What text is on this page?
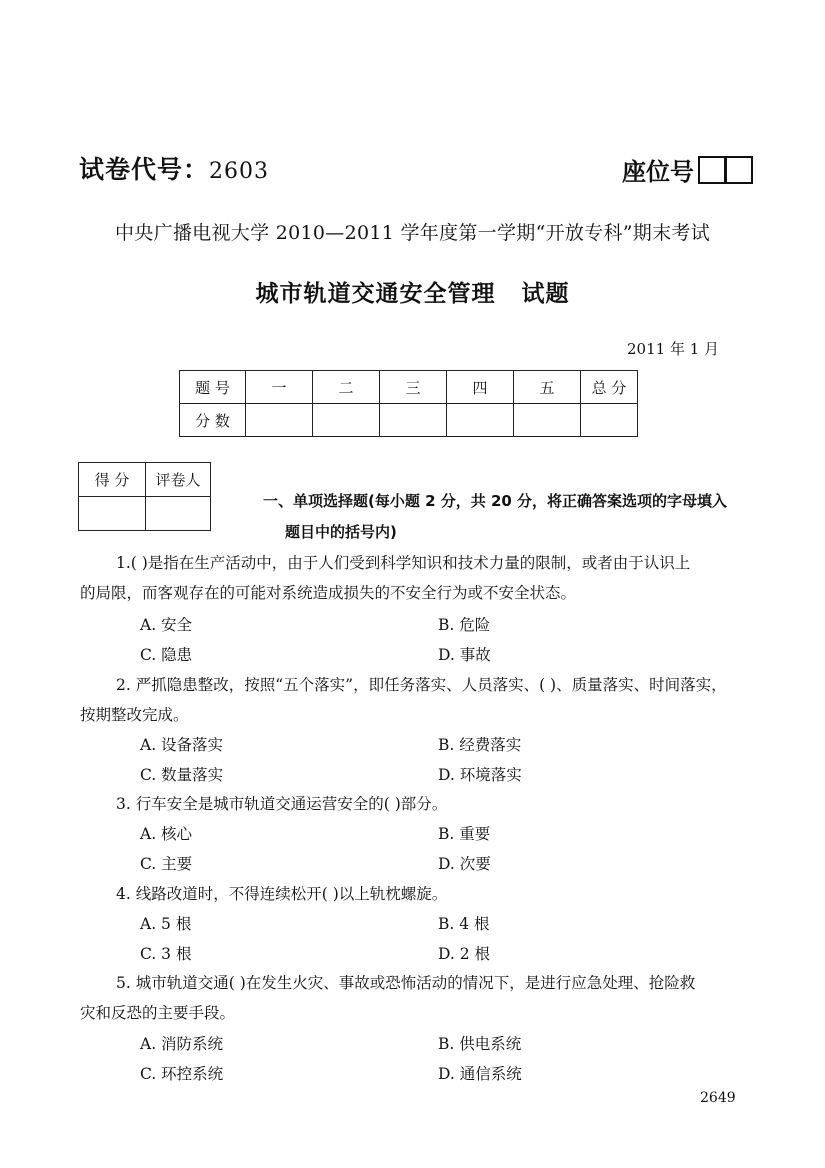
试卷代号：2603	座位号
中央广播电视大学 2010—2011 学年度第一学期“开放专科”期末考试
城市轨道交通安全管理 试题
2011 年 1 月
题 号	一	二	三	四	五	总 分
分 数						
得 分	评卷人

一、单项选择题(每小题 2 分，共 20 分，将正确答案选项的字母填入
题目中的括号内)
1.( )是指在生产活动中，由于人们受到科学知识和技术力量的限制，或者由于认识上
的局限，而客观存在的可能对系统造成损失的不安全行为或不安全状态。
A. 安全	B. 危险
C. 隐患	D. 事故
2. 严抓隐患整改，按照“五个落实”，即任务落实、人员落实、( )、质量落实、时间落实，
按期整改完成。
A. 设备落实	B. 经费落实
C. 数量落实	D. 环境落实
3. 行车安全是城市轨道交通运营安全的( )部分。
A. 核心	B. 重要
C. 主要	D. 次要
4. 线路改道时，不得连续松开( )以上轨枕螺旋。
A. 5 根	B. 4 根
C. 3 根	D. 2 根
5. 城市轨道交通( )在发生火灾、事故或恐怖活动的情况下，是进行应急处理、抢险救
灾和反恐的主要手段。
A. 消防系统	B. 供电系统
C. 环控系统	D. 通信系统
2649
